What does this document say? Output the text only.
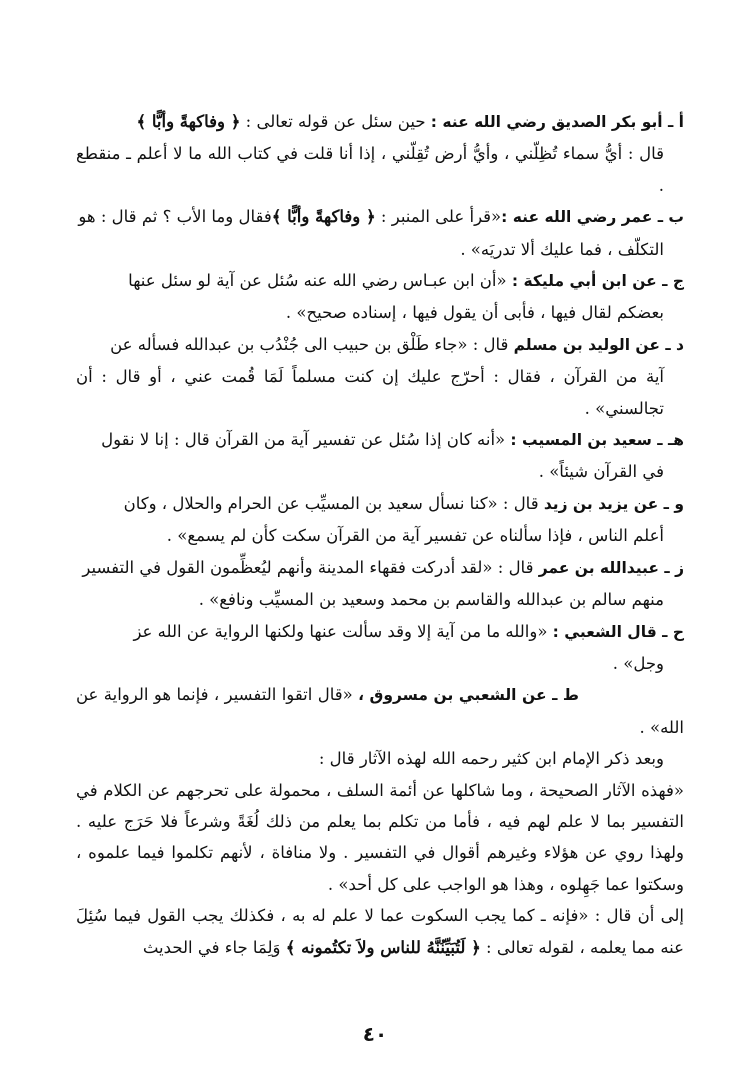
أ ـ أبو بكر الصديق رضي الله عنه : حين سئل عن قوله تعالى : ﴿ وفاكهةً وأبًّا ﴾
قال : أيُّ سماء تُظِلّني ، وأيُّ أرض تُقِلّني ، إذا أنا قلت في كتاب الله ما لا أعلم ـ منقطع .
ب ـ عمر رضي الله عنه :«قرأ على المنبر : ﴿ وفاكهةً وأبًّا ﴾فقال وما الأب ؟ ثم قال : هو
التكلّف ، فما عليك ألا تدريَه» .
ج ـ عن ابن أبي مليكة : «أن ابن عبـاس رضي الله عنه سُئل عن آية لو سئل عنها
بعضكم لقال فيها ، فأبى أن يقول فيها ، إسناده صحيح» .
د ـ عن الوليد بن مسلم قال : «جاء طَلْق بن حبيب الى جُنْدُب بن عبدالله فسأله عن
آية من القرآن ، فقال : أحرّج عليك إن كنت مسلماً لَمَا قُمت عني ، أو قال : أن تجالسني» .
هـ ـ سعيد بن المسيب : «أنه كان إذا سُئل عن تفسير آية من القرآن قال : إنا لا نقول
في القرآن شيئاً» .
و ـ عن يزيد بن زيد قال : «كنا نسأل سعيد بن المسيِّب عن الحرام والحلال ، وكان
أعلم الناس ، فإذا سألناه عن تفسير آية من القرآن سكت كأن لم يسمع» .
ز ـ عبيدالله بن عمر قال : «لقد أدركت فقهاء المدينة وأنهم ليُعظِّمون القول في التفسير
منهم سالم بن عبدالله والقاسم بن محمد وسعيد بن المسيِّب ونافع» .
ح ـ قال الشعبي : «والله ما من آية إلا وقد سألت عنها ولكنها الرواية عن الله عز
وجل» .

ط ـ عن الشعبي بن مسروق ، «قال اتقوا التفسير ، فإنما هو الرواية عن الله» .

وبعد ذكر الإمام ابن كثير رحمه الله لهذه الآثار قال :

«فهذه الآثار الصحيحة ، وما شاكلها عن أئمة السلف ، محمولة على تحرجهم عن الكلام في التفسير بما لا علم لهم فيه ، فأما من تكلم بما يعلم من ذلك لُغَةً وشرعاً فلا حَرَج عليه . ولهذا روي عن هؤلاء وغيرهم أقوال في التفسير . ولا منافاة ، لأنهم تكلموا فيما علموه ، وسكتوا عما جَهِلوه ، وهذا هو الواجب على كل أحد» .

إلى أن قال : «فإنه ـ كما يجب السكوت عما لا علم له به ، فكذلك يجب القول فيما سُئِلَ عنه مما يعلمه ، لقوله تعالى : ﴿ لَتُبَيِّنُنَّهُ للناس ولاَ تكتُمونه ﴾ وَلِمَا جاء في الحديث

٤٠
